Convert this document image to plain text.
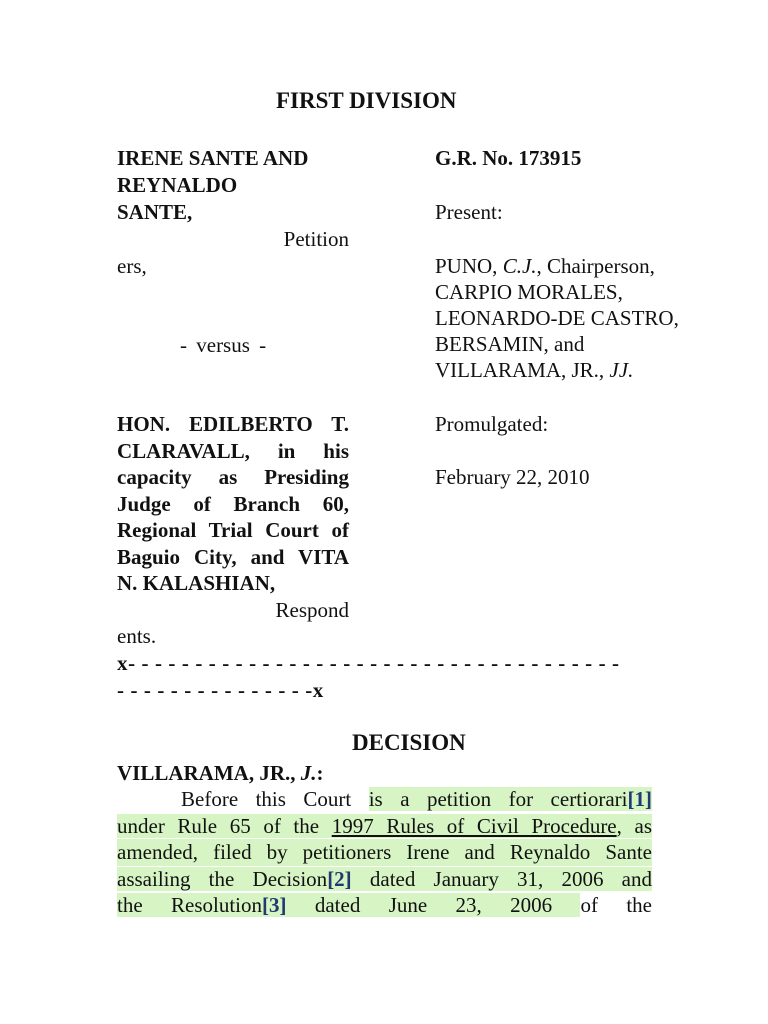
FIRST DIVISION
IRENE SANTE AND
REYNALDO
SANTE,
Petition
ers,
- versus -
HON. EDILBERTO T.
CLARAVALL, in his
capacity as Presiding
Judge of Branch 60,
Regional Trial Court of
Baguio City, and VITA
N. KALASHIAN,
Respond
ents.
G.R. No. 173915
Present:
PUNO, C.J., Chairperson,
CARPIO MORALES,
LEONARDO-DE CASTRO,
BERSAMIN, and
VILLARAMA, JR., JJ.
Promulgated:
February 22, 2010
x- - - - - - - - - - - - - - - - - - - - - - - - - - - - - - - - - - - - -
- - - - - - - - - - - - - - -x
DECISION
VILLARAMA, JR., J.:
Before this Court is a petition for certiorari[1]
under Rule 65 of the 1997 Rules of Civil Procedure, as
amended, filed by petitioners Irene and Reynaldo Sante
assailing the Decision[2] dated January 31, 2006 and
the Resolution[3] dated June 23, 2006 of the
